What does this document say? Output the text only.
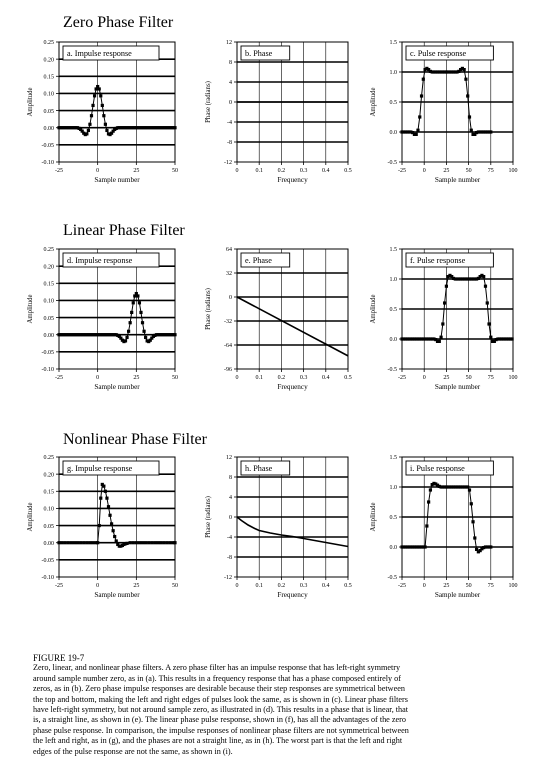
Zero Phase Filter
Linear Phase Filter
Nonlinear Phase Filter
-0.10
-0.05
0.00
0.05
0.10
0.15
0.20
0.25
-25	0	25	50
Sample number
Amplitude
a. Impulse response
-12
-8
-4
0
4
8
12
0	0.1 0.2 0.3 0.4 0.5
Frequency
Phase (radians)
b. Phase
-0.5
0.0
0.5
1.0
1.5
-25	0	25	50	75 100
Sample number
Amplitude
c. Pulse response
-0.10
-0.05
0.00
0.05
0.10
0.15
0.20
0.25
-25	0	25	50
Sample number
Amplitude
d. Impulse response
-96
-64
-32
0
32
64
0	0.1 0.2 0.3 0.4 0.5
Frequency
Phase (radians)
e. Phase
-0.5
0.0
0.5
1.0
1.5
-25	0	25	50	75 100
Sample number
Amplitude
f. Pulse response
-0.10
-0.05
0.00
0.05
0.10
0.15
0.20
0.25
-25	0	25	50
Sample number
Amplitude
g. Impulse response
-12
-8
-4
0
4
8
12
0	0.1 0.2 0.3 0.4 0.5
Frequency
Phase (radians)
h. Phase
-0.5
0.0
0.5
1.0
1.5
-25	0	25	50	75 100
Sample number
Amplitude
i. Pulse response
FIGURE 19-7
Zero, linear, and nonlinear phase filters. A zero phase filter has an impulse response that has left-right symmetry
around sample number zero, as in (a). This results in a frequency response that has a phase composed entirely of
zeros, as in (b). Zero phase impulse responses are desirable because their step responses are symmetrical between
the top and bottom, making the left and right edges of pulses look the same, as is shown in (c). Linear phase filters
have left-right symmetry, but not around sample zero, as illustrated in (d). This results in a phase that is linear, that
is, a straight line, as shown in (e). The linear phase pulse response, shown in (f), has all the advantages of the zero
phase pulse response. In comparison, the impulse responses of nonlinear phase filters are not symmetrical between
the left and right, as in (g), and the phases are not a straight line, as in (h). The worst part is that the left and right
edges of the pulse response are not the same, as shown in (i).
